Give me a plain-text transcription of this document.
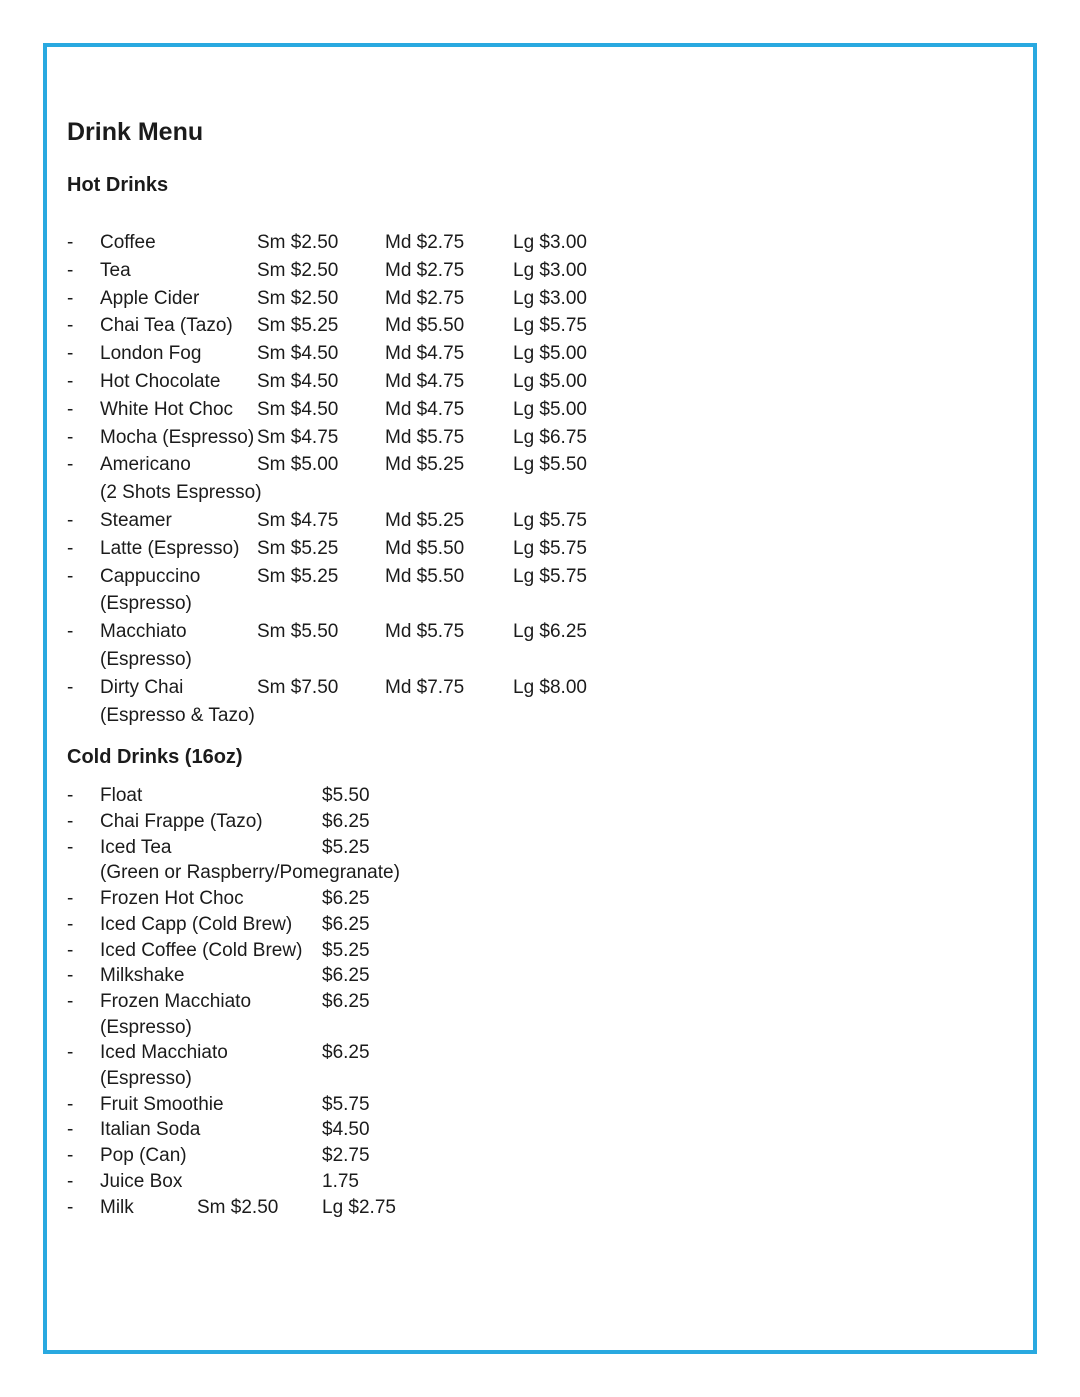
Drink Menu
Hot Drinks
-	Coffee	Sm $2.50	Md $2.75	Lg $3.00
-	Tea	Sm $2.50	Md $2.75	Lg $3.00
-	Apple Cider	Sm $2.50	Md $2.75	Lg $3.00
-	Chai Tea (Tazo)	Sm $5.25	Md $5.50	Lg $5.75
-	London Fog	Sm $4.50	Md $4.75	Lg $5.00
-	Hot Chocolate	Sm $4.50	Md $4.75	Lg $5.00
-	White Hot Choc	Sm $4.50	Md $4.75	Lg $5.00
-	Mocha (Espresso) Sm $4.75	Md $5.75	Lg $6.75
-	Americano
(2 Shots Espresso)
Sm $5.00	Md $5.25	Lg $5.50
-	Steamer	Sm $4.75	Md $5.25	Lg $5.75
-	Latte (Espresso) Sm $5.25	Md $5.50	Lg $5.75
-	Cappuccino
(Espresso)
Sm $5.25	Md $5.50	Lg $5.75
-	Macchiato
(Espresso)
Sm $5.50	Md $5.75	Lg $6.25
-	Dirty Chai
(Espresso & Tazo)
Sm $7.50	Md $7.75	Lg $8.00
Cold Drinks (16oz)
-	Float	$5.50
-	Chai Frappe (Tazo)	$6.25
-	Iced Tea
(Green or Raspberry/Pomegranate)
$5.25
-	Frozen Hot Choc	$6.25
-	Iced Capp (Cold Brew)	$6.25
-	Iced Coffee (Cold Brew)	$5.25
-	Milkshake	$6.25
-	Frozen Macchiato
(Espresso)
$6.25
-	Iced Macchiato
(Espresso)
$6.25
-	Fruit Smoothie	$5.75
-	Italian Soda	$4.50
-	Pop (Can)	$2.75
-	Juice Box	1.75
-	Milk	Sm $2.50	Lg $2.75
